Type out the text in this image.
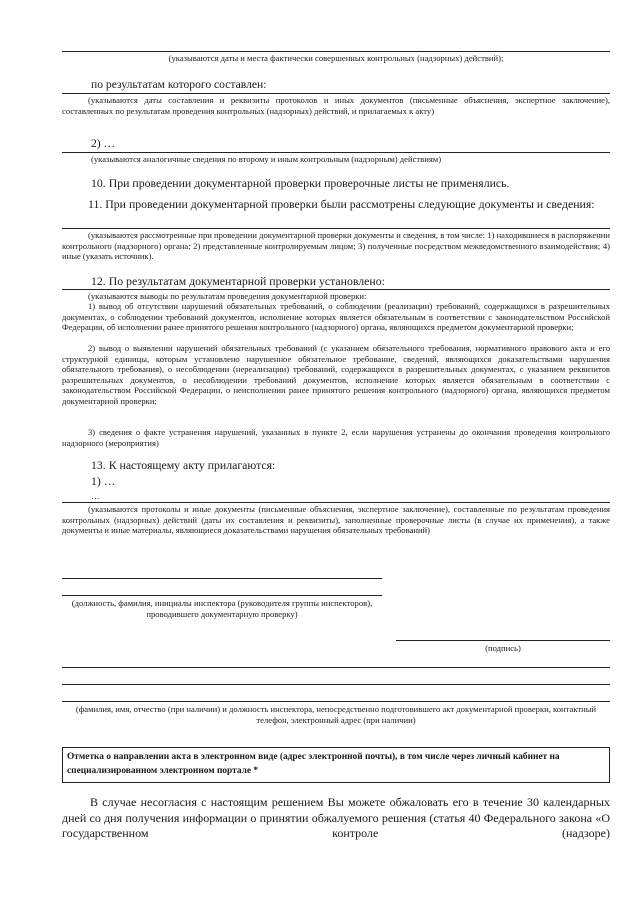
(указываются даты и места фактически совершенных контрольных (надзорных) действий);

по результатам которого составлен:

(указываются даты составления и реквизиты протоколов и иных документов (письменные объяснения, экспертное заключение), составленных по результатам проведения контрольных (надзорных) действий, и прилагаемых к акту)

2) …

(указываются аналогичные сведения по второму и иным контрольным (надзорным) действиям)

10. При проведении документарной проверки проверочные листы не применялись.

11. При проведении документарной проверки были рассмотрены следующие документы и сведения:

(указываются рассмотренные при проведении документарной проверки документы и сведения, в том числе: 1) находившиеся в распоряжении контрольного (надзорного) органа; 2) представленные контролируемым лицом; 3) полученные посредством межведомственного взаимодействия; 4) иные (указать источник).

12. По результатам документарной проверки установлено:

(указываются выводы по результатам проведения документарной проверки:

1) вывод об отсутствии нарушений обязательных требований, о соблюдении (реализации) требований, содержащихся в разрешительных документах, о соблюдении требований документов, исполнение которых является обязательным в соответствии с законодательством Российской Федерации, об исполнении ранее принятого решения контрольного (надзорного) органа, являющихся предметом документарной проверки;

2) вывод о выявлении нарушений обязательных требований (с указанием обязательного требования, нормативного правового акта и его структурной единицы, которым установлено нарушенное обязательное требование, сведений, являющихся доказательствами нарушения обязательного требования), о несоблюдении (нереализации) требований, содержащихся в разрешительных документах, с указанием реквизитов разрешительных документов, о несоблюдении требований документов, исполнение которых является обязательным в соответствии с законодательством Российской Федерации, о неисполнении ранее принятого решения контрольного (надзорного) органа, являющихся предметом документарной проверки;

3) сведения о факте устранения нарушений, указанных в пункте 2, если нарушения устранены до окончания проведения контрольного надзорного (мероприятия)

13. К настоящему акту прилагаются:

1) …

…

(указываются протоколы и иные документы (письменные объяснения, экспертное заключение), составленные по результатам проведения контрольных (надзорных) действий (даты их составления и реквизиты), заполненные проверочные листы (в случае их применения), а также документы и иные материалы, являющиеся доказательствами нарушения обязательных требований)

(должность, фамилия, инициалы инспектора (руководителя группы инспекторов), проводившего документарную проверку)

(подпись)

(фамилия, имя, отчество (при наличии) и должность инспектора, непосредственно подготовившего акт документарной проверки, контактный телефон, электронный адрес (при наличии)

Отметка о направлении акта в электронном виде (адрес электронной почты), в том числе через личный кабинет на специализированном электронном портале *

В случае несогласия с настоящим решением Вы можете обжаловать его в течение 30 календарных дней со дня получения информации о принятии обжалуемого решения (статья 40 Федерального закона «О государственном контроле (надзоре)
